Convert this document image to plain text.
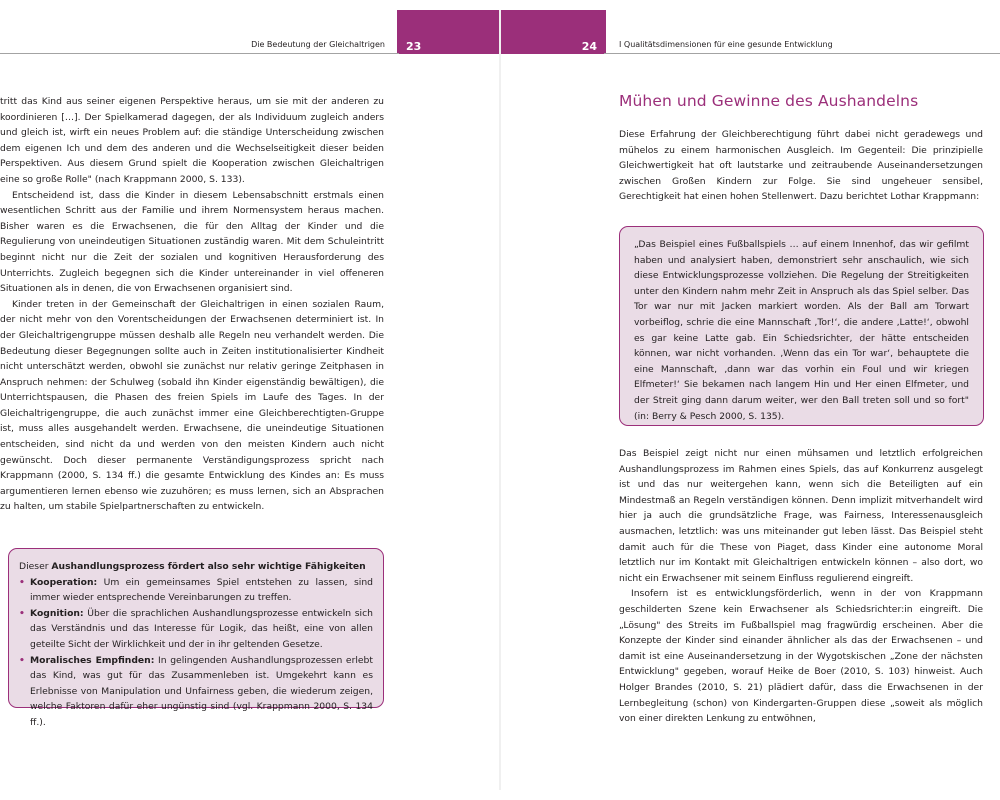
23	24
Die Bedeutung der Gleichaltrigen	I Qualitätsdimensionen für eine gesunde Entwicklung

tritt das Kind aus seiner eigenen Perspektive heraus, um sie mit der anderen zu koordinieren […]. Der Spielkamerad dagegen, der als Individuum zugleich anders und gleich ist, wirft ein neues Problem auf: die ständige Unterscheidung zwischen dem eigenen Ich und dem des anderen und die Wechselseitigkeit dieser beiden Perspektiven. Aus diesem Grund spielt die Kooperation zwischen Gleichaltrigen eine so große Rolle" (nach Krappmann 2000, S. 133).

Entscheidend ist, dass die Kinder in diesem Lebensabschnitt erstmals einen wesentlichen Schritt aus der Familie und ihrem Normensystem heraus machen. Bisher waren es die Erwachsenen, die für den Alltag der Kinder und die Regulierung von uneindeutigen Situationen zuständig waren. Mit dem Schuleintritt beginnt nicht nur die Zeit der sozialen und kognitiven Herausforderung des Unterrichts. Zugleich begegnen sich die Kinder untereinander in viel offeneren Situationen als in denen, die von Erwachsenen organisiert sind.

Kinder treten in der Gemeinschaft der Gleichaltrigen in einen sozialen Raum, der nicht mehr von den Vorentscheidungen der Erwachsenen determiniert ist. In der Gleichaltrigengruppe müssen deshalb alle Regeln neu verhandelt werden. Die Bedeutung dieser Begegnungen sollte auch in Zeiten institutionalisierter Kindheit nicht unterschätzt werden, obwohl sie zunächst nur relativ geringe Zeitphasen in Anspruch nehmen: der Schulweg (sobald ihn Kinder eigenständig bewältigen), die Unterrichtspausen, die Phasen des freien Spiels im Laufe des Tages. In der Gleichaltrigengruppe, die auch zunächst immer eine Gleichberechtigten-Gruppe ist, muss alles ausgehandelt werden. Erwachsene, die uneindeutige Situationen entscheiden, sind nicht da und werden von den meisten Kindern auch nicht gewünscht. Doch dieser permanente Verständigungsprozess spricht nach Krappmann (2000, S. 134 ff.) die gesamte Entwicklung des Kindes an: Es muss argumentieren lernen ebenso wie zuzuhören; es muss lernen, sich an Absprachen zu halten, um stabile Spielpartnerschaften zu entwickeln.

Dieser Aushandlungsprozess fördert also sehr wichtige Fähigkeiten
• Kooperation: Um ein gemeinsames Spiel entstehen zu lassen, sind immer wieder entsprechende Vereinbarungen zu treffen.
• Kognition: Über die sprachlichen Aushandlungsprozesse entwickeln sich das Verständnis und das Interesse für Logik, das heißt, eine von allen geteilte Sicht der Wirklichkeit und der in ihr geltenden Gesetze.
• Moralisches Empfinden: In gelingenden Aushandlungsprozessen erlebt das Kind, was gut für das Zusammenleben ist. Umgekehrt kann es Erlebnisse von Manipulation und Unfairness geben, die wiederum zeigen, welche Faktoren dafür eher ungünstig sind (vgl. Krappmann 2000, S. 134 ff.).
Mühen und Gewinne des Aushandelns

Diese Erfahrung der Gleichberechtigung führt dabei nicht geradewegs und mühelos zu einem harmonischen Ausgleich. Im Gegenteil: Die prinzipielle Gleichwertigkeit hat oft lautstarke und zeitraubende Auseinandersetzungen zwischen Großen Kindern zur Folge. Sie sind ungeheuer sensibel, Gerechtigkeit hat einen hohen Stellenwert. Dazu berichtet Lothar Krappmann:

„Das Beispiel eines Fußballspiels … auf einem Innenhof, das wir gefilmt haben und analysiert haben, demonstriert sehr anschaulich, wie sich diese Entwicklungsprozesse vollziehen. Die Regelung der Streitigkeiten unter den Kindern nahm mehr Zeit in Anspruch als das Spiel selber. Das Tor war nur mit Jacken markiert worden. Als der Ball am Torwart vorbeiflog, schrie die eine Mannschaft ‚Tor!‘, die andere ‚Latte!‘, obwohl es gar keine Latte gab. Ein Schiedsrichter, der hätte entscheiden können, war nicht vorhanden. ‚Wenn das ein Tor war‘, behauptete die eine Mannschaft, ‚dann war das vorhin ein Foul und wir kriegen Elfmeter!‘ Sie bekamen nach langem Hin und Her einen Elfmeter, und der Streit ging dann darum weiter, wer den Ball treten soll und so fort" (in: Berry & Pesch 2000, S. 135).

Das Beispiel zeigt nicht nur einen mühsamen und letztlich erfolgreichen Aushandlungsprozess im Rahmen eines Spiels, das auf Konkurrenz ausgelegt ist und das nur weitergehen kann, wenn sich die Beteiligten auf ein Mindestmaß an Regeln verständigen können. Denn implizit mitverhandelt wird hier ja auch die grundsätzliche Frage, was Fairness, Interessenausgleich ausmachen, letztlich: was uns miteinander gut leben lässt. Das Beispiel steht damit auch für die These von Piaget, dass Kinder eine autonome Moral letztlich nur im Kontakt mit Gleichaltrigen entwickeln können – also dort, wo nicht ein Erwachsener mit seinem Einfluss regulierend eingreift.

Insofern ist es entwicklungsförderlich, wenn in der von Krappmann geschilderten Szene kein Erwachsener als Schiedsrichter:in eingreift. Die „Lösung" des Streits im Fußballspiel mag fragwürdig erscheinen. Aber die Konzepte der Kinder sind einander ähnlicher als das der Erwachsenen – und damit ist eine Auseinandersetzung in der Wygotskischen „Zone der nächsten Entwicklung" gegeben, worauf Heike de Boer (2010, S. 103) hinweist. Auch Holger Brandes (2010, S. 21) plädiert dafür, dass die Erwachsenen in der Lernbegleitung (schon) von Kindergarten-Gruppen diese „soweit als möglich von einer direkten Lenkung zu entwöhnen,
